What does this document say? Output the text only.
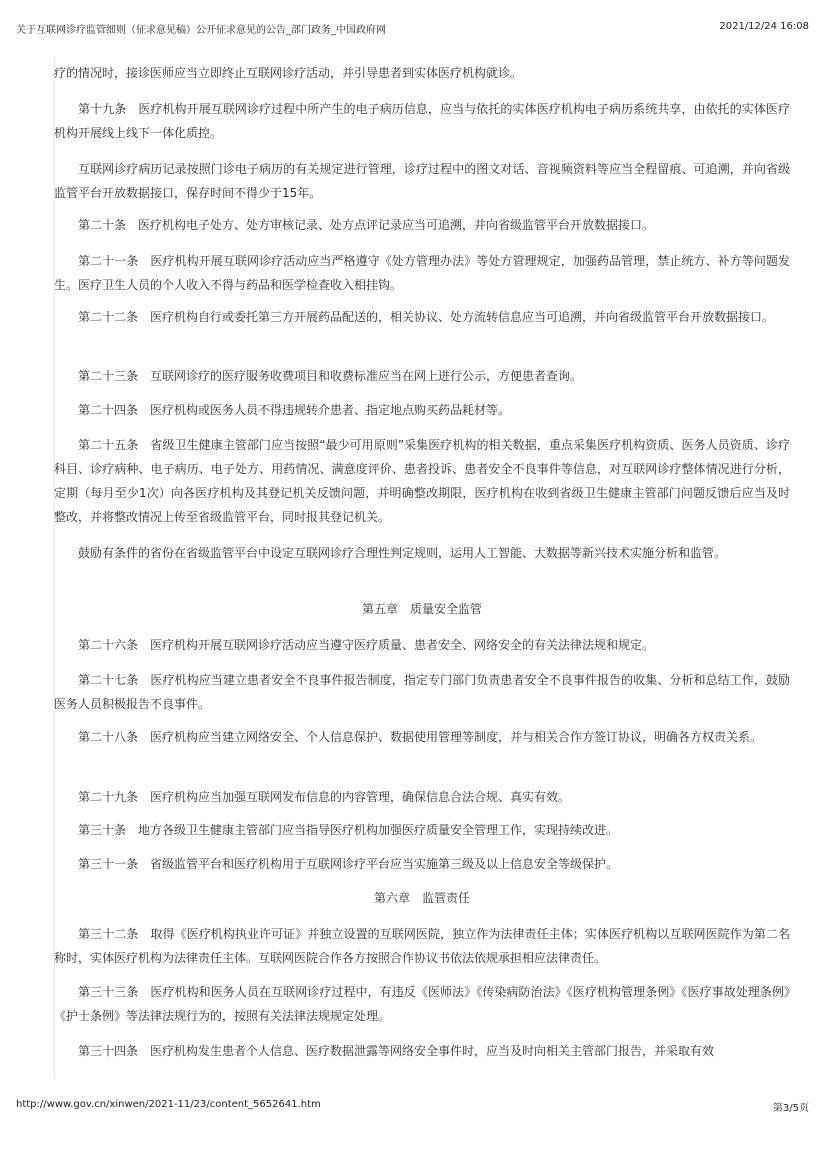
关于互联网诊疗监管细则（征求意见稿）公开征求意见的公告_部门政务_中国政府网	2021/12/24 16:08

疗的情况时，接诊医师应当立即终止互联网诊疗活动，并引导患者到实体医疗机构就诊。

第十九条　医疗机构开展互联网诊疗过程中所产生的电子病历信息，应当与依托的实体医疗机构电子病历系统共享，由依托的实体医疗机构开展线上线下一体化质控。

互联网诊疗病历记录按照门诊电子病历的有关规定进行管理，诊疗过程中的图文对话、音视频资料等应当全程留痕、可追溯，并向省级监管平台开放数据接口，保存时间不得少于15年。

第二十条　医疗机构电子处方、处方审核记录、处方点评记录应当可追溯，并向省级监管平台开放数据接口。

第二十一条　医疗机构开展互联网诊疗活动应当严格遵守《处方管理办法》等处方管理规定，加强药品管理，禁止统方、补方等问题发生。医疗卫生人员的个人收入不得与药品和医学检查收入相挂钩。

第二十二条　医疗机构自行或委托第三方开展药品配送的，相关协议、处方流转信息应当可追溯，并向省级监管平台开放数据接口。

第二十三条　互联网诊疗的医疗服务收费项目和收费标准应当在网上进行公示，方便患者查询。

第二十四条　医疗机构或医务人员不得违规转介患者、指定地点购买药品耗材等。

第二十五条　省级卫生健康主管部门应当按照“最少可用原则”采集医疗机构的相关数据，重点采集医疗机构资质、医务人员资质、诊疗科目、诊疗病种、电子病历、电子处方、用药情况、满意度评价、患者投诉、患者安全不良事件等信息，对互联网诊疗整体情况进行分析，定期（每月至少1次）向各医疗机构及其登记机关反馈问题，并明确整改期限，医疗机构在收到省级卫生健康主管部门问题反馈后应当及时整改，并将整改情况上传至省级监管平台，同时报其登记机关。

鼓励有条件的省份在省级监管平台中设定互联网诊疗合理性判定规则，运用人工智能、大数据等新兴技术实施分析和监管。

第五章　质量安全监管

第二十六条　医疗机构开展互联网诊疗活动应当遵守医疗质量、患者安全、网络安全的有关法律法规和规定。

第二十七条　医疗机构应当建立患者安全不良事件报告制度，指定专门部门负责患者安全不良事件报告的收集、分析和总结工作，鼓励医务人员积极报告不良事件。

第二十八条　医疗机构应当建立网络安全、个人信息保护、数据使用管理等制度，并与相关合作方签订协议，明确各方权责关系。

第二十九条　医疗机构应当加强互联网发布信息的内容管理，确保信息合法合规、真实有效。

第三十条　地方各级卫生健康主管部门应当指导医疗机构加强医疗质量安全管理工作，实现持续改进。

第三十一条　省级监管平台和医疗机构用于互联网诊疗平台应当实施第三级及以上信息安全等级保护。

第六章　监管责任

第三十二条　取得《医疗机构执业许可证》并独立设置的互联网医院，独立作为法律责任主体；实体医疗机构以互联网医院作为第二名称时，实体医疗机构为法律责任主体。互联网医院合作各方按照合作协议书依法依规承担相应法律责任。

第三十三条　医疗机构和医务人员在互联网诊疗过程中，有违反《医师法》《传染病防治法》《医疗机构管理条例》《医疗事故处理条例》《护士条例》等法律法规行为的，按照有关法律法规规定处理。

第三十四条　医疗机构发生患者个人信息、医疗数据泄露等网络安全事件时，应当及时向相关主管部门报告，并采取有效

http://www.gov.cn/xinwen/2021-11/23/content_5652641.htm	第3/5页
